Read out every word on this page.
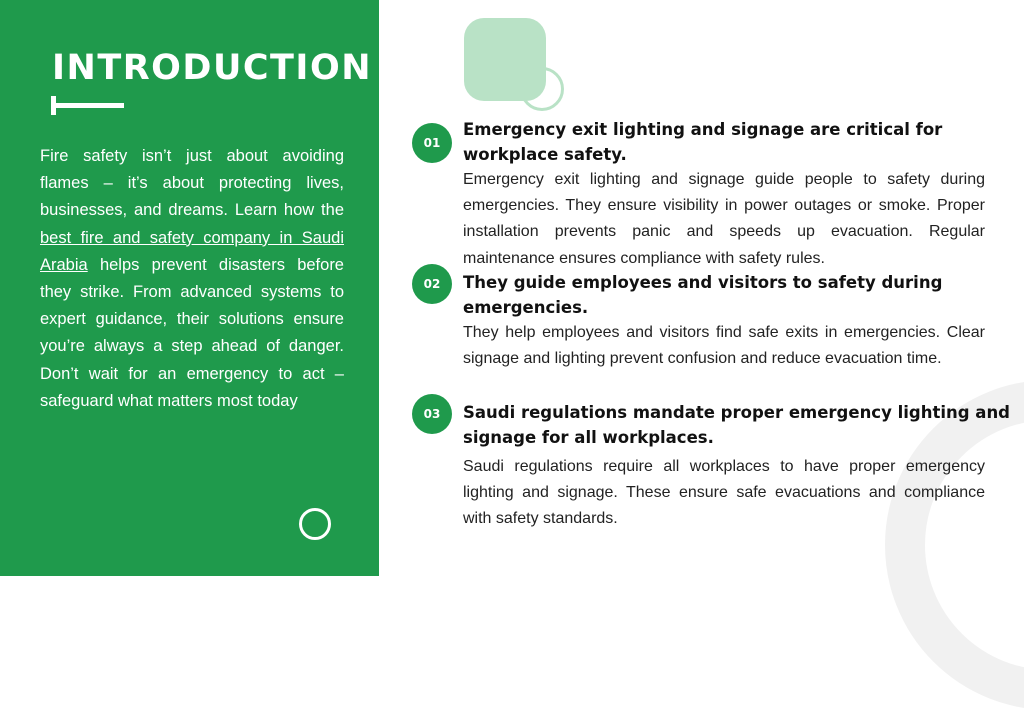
INTRODUCTION

Fire safety isn’t just about avoiding flames – it’s about protecting lives, businesses, and dreams. Learn how the best fire and safety company in Saudi Arabia helps prevent disasters before they strike. From advanced systems to expert guidance, their solutions ensure you’re always a step ahead of danger. Don’t wait for an emergency to act – safeguard what matters most today

01
Emergency exit lighting and signage are critical for workplace safety.

Emergency exit lighting and signage guide people to safety during emergencies. They ensure visibility in power outages or smoke. Proper installation prevents panic and speeds up evacuation. Regular maintenance ensures compliance with safety rules.

02	They guide employees and visitors to safety during emergencies.

They help employees and visitors find safe exits in emergencies. Clear signage and lighting prevent confusion and reduce evacuation time.

03	Saudi regulations mandate proper emergency lighting and signage for all workplaces.

Saudi regulations require all workplaces to have proper emergency lighting and signage. These ensure safe evacuations and compliance with safety standards.
